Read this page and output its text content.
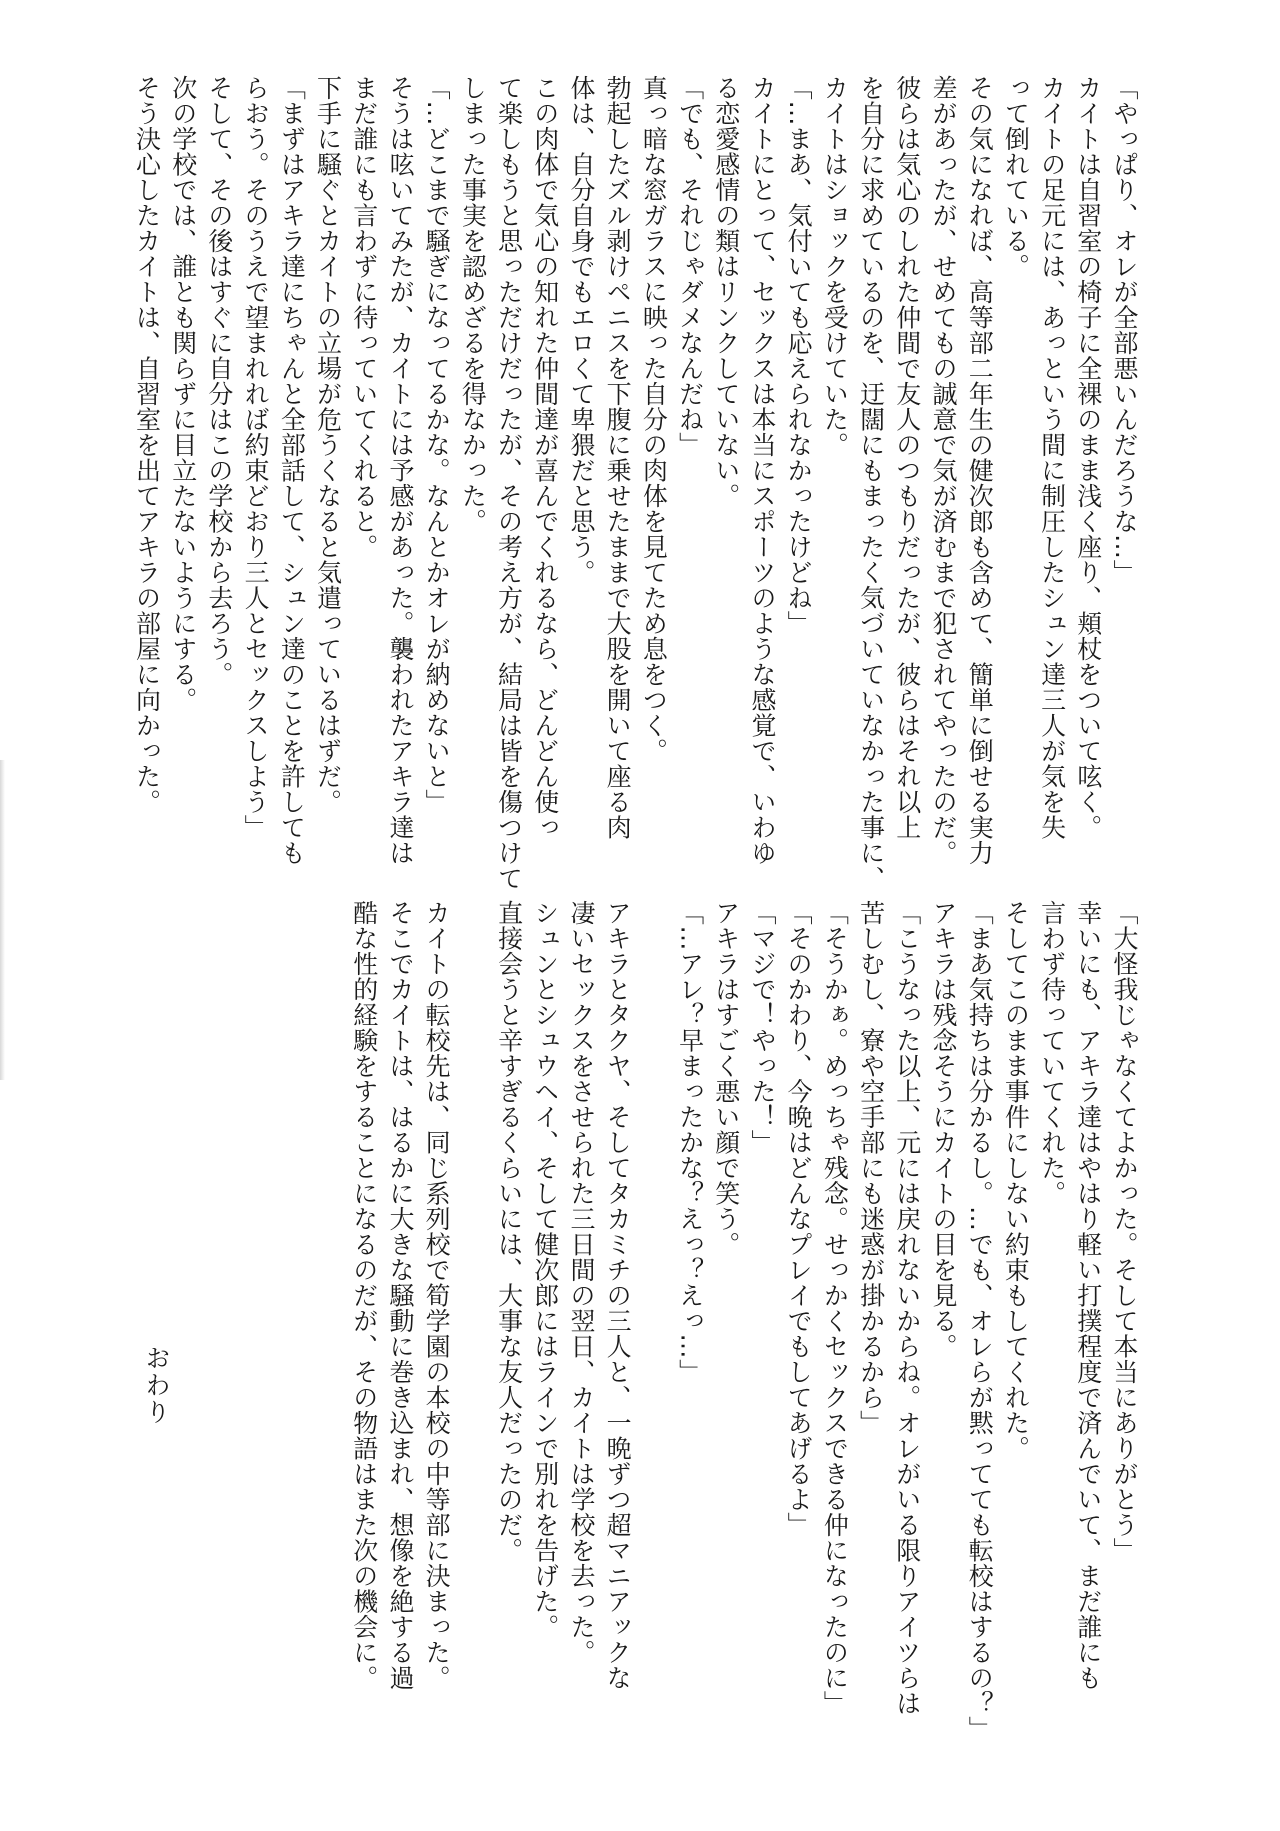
「やっぱり、オレが全部悪いんだろうな…」
カイトは自習室の椅子に全裸のまま浅く座り、頬杖をついて呟く。
カイトの足元には、あっという間に制圧したシュン達三人が気を失
って倒れている。
その気になれば、高等部二年生の健次郎も含めて、簡単に倒せる実力
差があったが、せめてもの誠意で気が済むまで犯されてやったのだ。
彼らは気心のしれた仲間で友人のつもりだったが、彼らはそれ以上
を自分に求めているのを、迂闊にもまったく気づいていなかった事に、
カイトはショックを受けていた。
「…まあ、気付いても応えられなかったけどね」
カイトにとって、セックスは本当にスポーツのような感覚で、いわゆ
る恋愛感情の類はリンクしていない。
「でも、それじゃダメなんだね」
真っ暗な窓ガラスに映った自分の肉体を見てため息をつく。
勃起したズル剥けペニスを下腹に乗せたままで大股を開いて座る肉
体は、自分自身でもエロくて卑猥だと思う。
この肉体で気心の知れた仲間達が喜んでくれるなら、どんどん使っ
て楽しもうと思っただけだったが、その考え方が、結局は皆を傷つけて
しまった事実を認めざるを得なかった。
「…どこまで騒ぎになってるかな。なんとかオレが納めないと」
そうは呟いてみたが、カイトには予感があった。襲われたアキラ達は
まだ誰にも言わずに待っていてくれると。
下手に騒ぐとカイトの立場が危うくなると気遣っているはずだ。
「まずはアキラ達にちゃんと全部話して、シュン達のことを許しても
らおう。そのうえで望まれれば約束どおり三人とセックスしよう」
そして、その後はすぐに自分はこの学校から去ろう。
次の学校では、誰とも関らずに目立たないようにする。
そう決心したカイトは、自習室を出てアキラの部屋に向かった。
「大怪我じゃなくてよかった。そして本当にありがとう」
幸いにも、アキラ達はやはり軽い打撲程度で済んでいて、まだ誰にも
言わず待っていてくれた。
そしてこのまま事件にしない約束もしてくれた。
「まあ気持ちは分かるし。…でも、オレらが黙ってても転校はするの？」
アキラは残念そうにカイトの目を見る。
「こうなった以上、元には戻れないからね。オレがいる限りアイツらは
苦しむし、寮や空手部にも迷惑が掛かるから」
「そうかぁ。めっちゃ残念。せっかくセックスできる仲になったのに」
「そのかわり、今晩はどんなプレイでもしてあげるよ」
「マジで！やった！」
アキラはすごく悪い顔で笑う。
「…アレ？早まったかな？えっ？えっ…」
アキラとタクヤ、そしてタカミチの三人と、一晩ずつ超マニアックな
凄いセックスをさせられた三日間の翌日、カイトは学校を去った。
シュンとシュウヘイ、そして健次郎にはラインで別れを告げた。
直接会うと辛すぎるくらいには、大事な友人だったのだ。
カイトの転校先は、同じ系列校で筍学園の本校の中等部に決まった。
そこでカイトは、はるかに大きな騒動に巻き込まれ、想像を絶する過
酷な性的経験をすることになるのだが、その物語はまた次の機会に。
おわり
